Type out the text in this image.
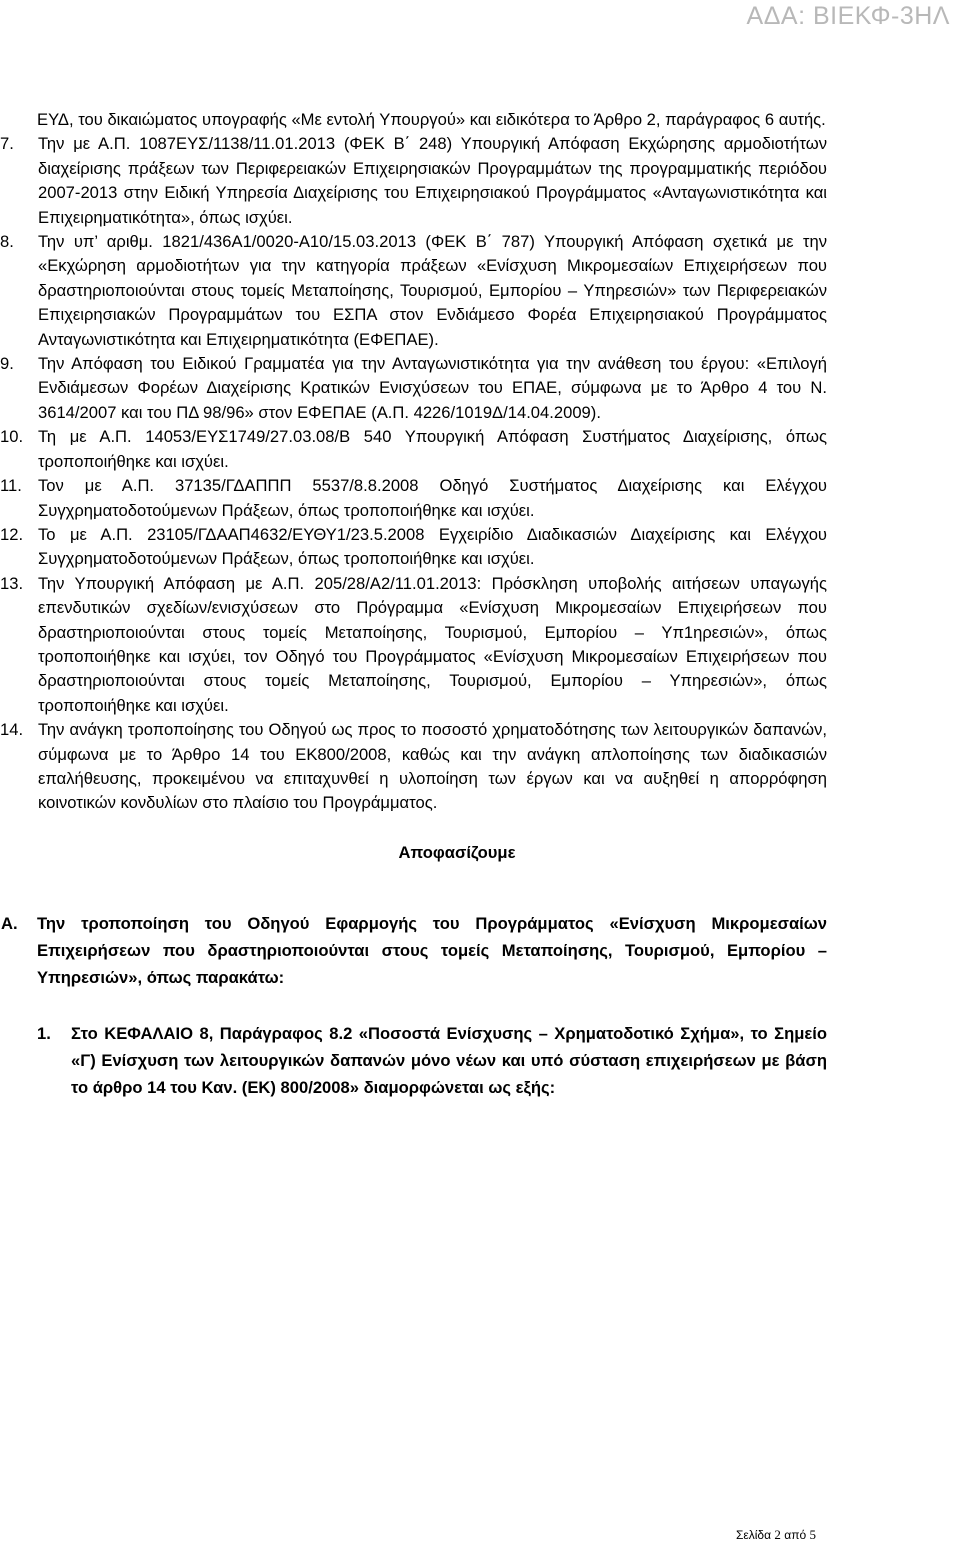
ΑΔΑ: ΒΙΕΚΦ-3ΗΛ

ΕΥΔ, του δικαιώματος υπογραφής «Με εντολή Υπουργού» και ειδικότερα το Άρθρο 2, παράγραφος 6 αυτής.

7.	Την με Α.Π. 1087ΕΥΣ/1138/11.01.2013 (ΦΕΚ Β΄ 248) Υπουργική Απόφαση Εκχώρησης αρμοδιοτήτων διαχείρισης πράξεων των Περιφερειακών Επιχειρησιακών Προγραμμάτων της προγραμματικής περιόδου 2007-2013 στην Ειδική Υπηρεσία Διαχείρισης του Επιχειρησιακού Προγράμματος «Ανταγωνιστικότητα και Επιχειρηματικότητα», όπως ισχύει.
8.	Την υπ’ αριθμ. 1821/436Α1/0020-Α10/15.03.2013 (ΦΕΚ Β΄ 787) Υπουργική Απόφαση σχετικά με την «Εκχώρηση αρμοδιοτήτων για την κατηγορία πράξεων «Ενίσχυση Μικρομεσαίων Επιχειρήσεων που δραστηριοποιούνται στους τομείς Μεταποίησης, Τουρισμού, Εμπορίου – Υπηρεσιών» των Περιφερειακών Επιχειρησιακών Προγραμμάτων του ΕΣΠΑ στον Ενδιάμεσο Φορέα Επιχειρησιακού Προγράμματος Ανταγωνιστικότητα και Επιχειρηματικότητα (ΕΦΕΠΑΕ).
9.	Την Απόφαση του Ειδικού Γραμματέα για την Ανταγωνιστικότητα για την ανάθεση του έργου: «Επιλογή Ενδιάμεσων Φορέων Διαχείρισης Κρατικών Ενισχύσεων του ΕΠΑΕ, σύμφωνα με το Άρθρο 4 του Ν. 3614/2007 και του ΠΔ 98/96» στον ΕΦΕΠΑΕ (Α.Π. 4226/1019Δ/14.04.2009).
10. Τη με Α.Π. 14053/ΕΥΣ1749/27.03.08/Β 540 Υπουργική Απόφαση Συστήματος Διαχείρισης, όπως τροποποιήθηκε και ισχύει.
11. Τον με Α.Π. 37135/ΓΔΑΠΠΠ 5537/8.8.2008 Οδηγό Συστήματος Διαχείρισης και Ελέγχου Συγχρηματοδοτούμενων Πράξεων, όπως τροποποιήθηκε και ισχύει.
12. Το με Α.Π. 23105/ΓΔΑΑΠ4632/ΕΥΘΥ1/23.5.2008 Εγχειρίδιο Διαδικασιών Διαχείρισης και Ελέγχου Συγχρηματοδοτούμενων Πράξεων, όπως τροποποιήθηκε και ισχύει.
13. Την Υπουργική Απόφαση με Α.Π. 205/28/Α2/11.01.2013: Πρόσκληση υποβολής αιτήσεων υπαγωγής επενδυτικών σχεδίων/ενισχύσεων στο Πρόγραμμα «Ενίσχυση Μικρομεσαίων Επιχειρήσεων που δραστηριοποιούνται στους τομείς Μεταποίησης, Τουρισμού, Εμπορίου – Υπ1ηρεσιών», όπως τροποποιήθηκε και ισχύει, τον Οδηγό του Προγράμματος «Ενίσχυση Μικρομεσαίων Επιχειρήσεων που δραστηριοποιούνται στους τομείς Μεταποίησης, Τουρισμού, Εμπορίου – Υπηρεσιών», όπως τροποποιήθηκε και ισχύει.
14. Την ανάγκη τροποποίησης του Οδηγού ως προς το ποσοστό χρηματοδότησης των λειτουργικών δαπανών, σύμφωνα με το Άρθρο 14 του ΕΚ800/2008, καθώς και την ανάγκη απλοποίησης των διαδικασιών επαλήθευσης, προκειμένου να επιταχυνθεί η υλοποίηση των έργων και να αυξηθεί η απορρόφηση κοινοτικών κονδυλίων στο πλαίσιο του Προγράμματος.
Αποφασίζουμε
Α.	Την τροποποίηση του Οδηγού Εφαρμογής του Προγράμματος «Ενίσχυση Μικρομεσαίων Επιχειρήσεων που δραστηριοποιούνται στους τομείς Μεταποίησης, Τουρισμού, Εμπορίου – Υπηρεσιών», όπως παρακάτω:
1.	Στο ΚΕΦΑΛΑΙΟ 8, Παράγραφος 8.2 «Ποσοστά Ενίσχυσης – Χρηματοδοτικό Σχήμα», το Σημείο «Γ) Ενίσχυση των λειτουργικών δαπανών μόνο νέων και υπό σύσταση επιχειρήσεων με βάση το άρθρο 14 του Καν. (ΕΚ) 800/2008» διαμορφώνεται ως εξής:
Σελίδα 2 από 5
